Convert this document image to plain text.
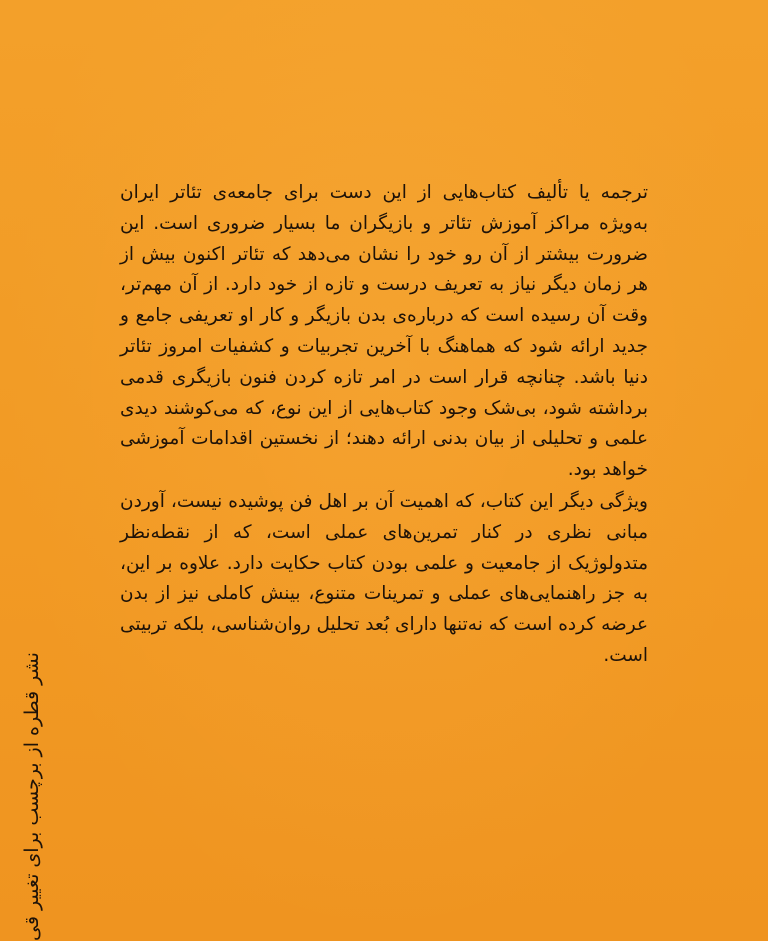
ترجمه یا تألیف کتاب‌هایی از این دست برای جامعه‌ی تئاتر ایران به‌ویژه مراکز آموزش تئاتر و بازیگران ما بسیار ضروری است. این ضرورت بیشتر از آن رو خود را نشان می‌دهد که تئاتر اکنون بیش از هر زمان دیگر نیاز به تعریف درست و تازه از خود دارد. از آن مهم‌تر، وقت آن رسیده است که درباره‌ی بدن بازیگر و کار او تعریفی جامع و جدید ارائه شود که هماهنگ با آخرین تجربیات و کشفیات امروز تئاتر دنیا باشد. چنانچه قرار است در امر تازه کردن فنون بازیگری قدمی برداشته شود، بی‌شک وجود کتاب‌هایی از این نوع، که می‌کوشند دیدی علمی و تحلیلی از بیان بدنی ارائه دهند؛ از نخستین اقدامات آموزشی خواهد بود.

ویژگی دیگر این کتاب، که اهمیت آن بر اهل فن پوشیده نیست، آوردن مبانی نظری در کنار تمرین‌های عملی است، که از نقطه‌نظر متدولوژیک از جامعیت و علمی بودن کتاب حکایت دارد. علاوه بر این، به جز راهنمایی‌های عملی و تمرینات متنوع، بینش کاملی نیز از بدن عرضه کرده است که نه‌تنها دارای بُعد تحلیل روان‌شناسی، بلکه تربیتی است.

نشر قطره از برچسب برای تغییر قی
